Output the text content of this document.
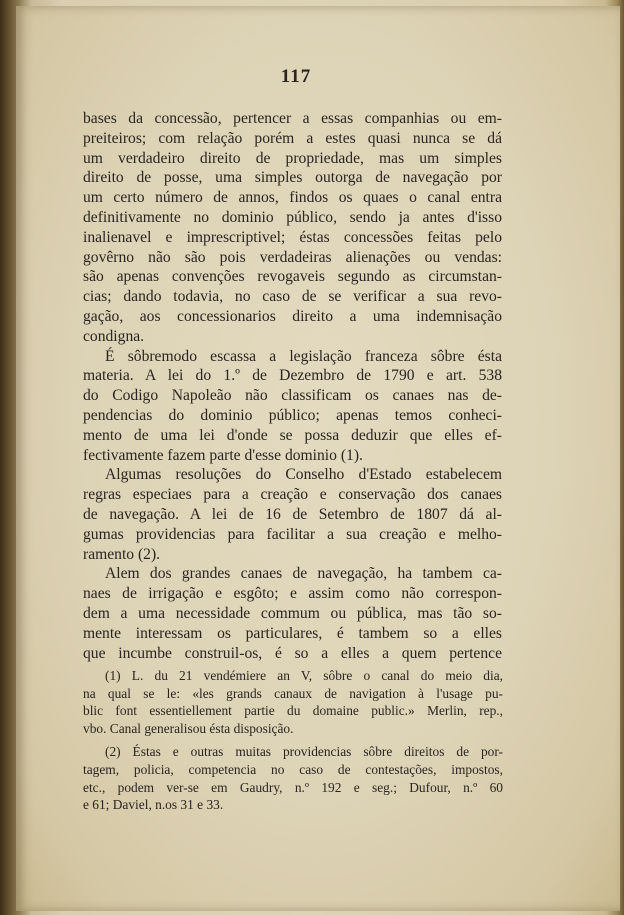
117
bases da concessão, pertencer a essas companhias ou em-
preiteiros; com relação porém a estes quasi nunca se dá
um verdadeiro direito de propriedade, mas um simples
direito de posse, uma simples outorga de navegação por
um certo número de annos, findos os quaes o canal entra
definitivamente no dominio público, sendo ja antes d'isso
inalienavel e imprescriptivel; éstas concessões feitas pelo
govêrno não são pois verdadeiras alienações ou vendas:
são apenas convenções revogaveis segundo as circumstan-
cias; dando todavia, no caso de se verificar a sua revo-
gação, aos concessionarios direito a uma indemnisação
condigna.
É sôbremodo escassa a legislação franceza sôbre ésta
materia. A lei do 1.º de Dezembro de 1790 e art. 538
do Codigo Napoleão não classificam os canaes nas de-
pendencias do dominio público; apenas temos conheci-
mento de uma lei d'onde se possa deduzir que elles ef-
fectivamente fazem parte d'esse dominio (1).
Algumas resoluções do Conselho d'Estado estabelecem
regras especiaes para a creação e conservação dos canaes
de navegação. A lei de 16 de Setembro de 1807 dá al-
gumas providencias para facilitar a sua creação e melho-
ramento (2).
Alem dos grandes canaes de navegação, ha tambem ca-
naes de irrigação e esgôto; e assim como não correspon-
dem a uma necessidade commum ou pública, mas tão so-
mente interessam os particulares, é tambem so a elles
que incumbe construil-os, é so a elles a quem pertence
(1) L. du 21 vendémiere an V, sôbre o canal do meio dia,
na qual se le: «les grands canaux de navigation à l'usage pu-
blic font essentiellement partie du domaine public.» Merlin, rep.,
vbo. Canal generalisou ésta disposição.
(2) Éstas e outras muitas providencias sôbre direitos de por-
tagem, policia, competencia no caso de contestações, impostos,
etc., podem ver-se em Gaudry, n.º 192 e seg.; Dufour, n.º 60
e 61; Daviel, n.os 31 e 33.
